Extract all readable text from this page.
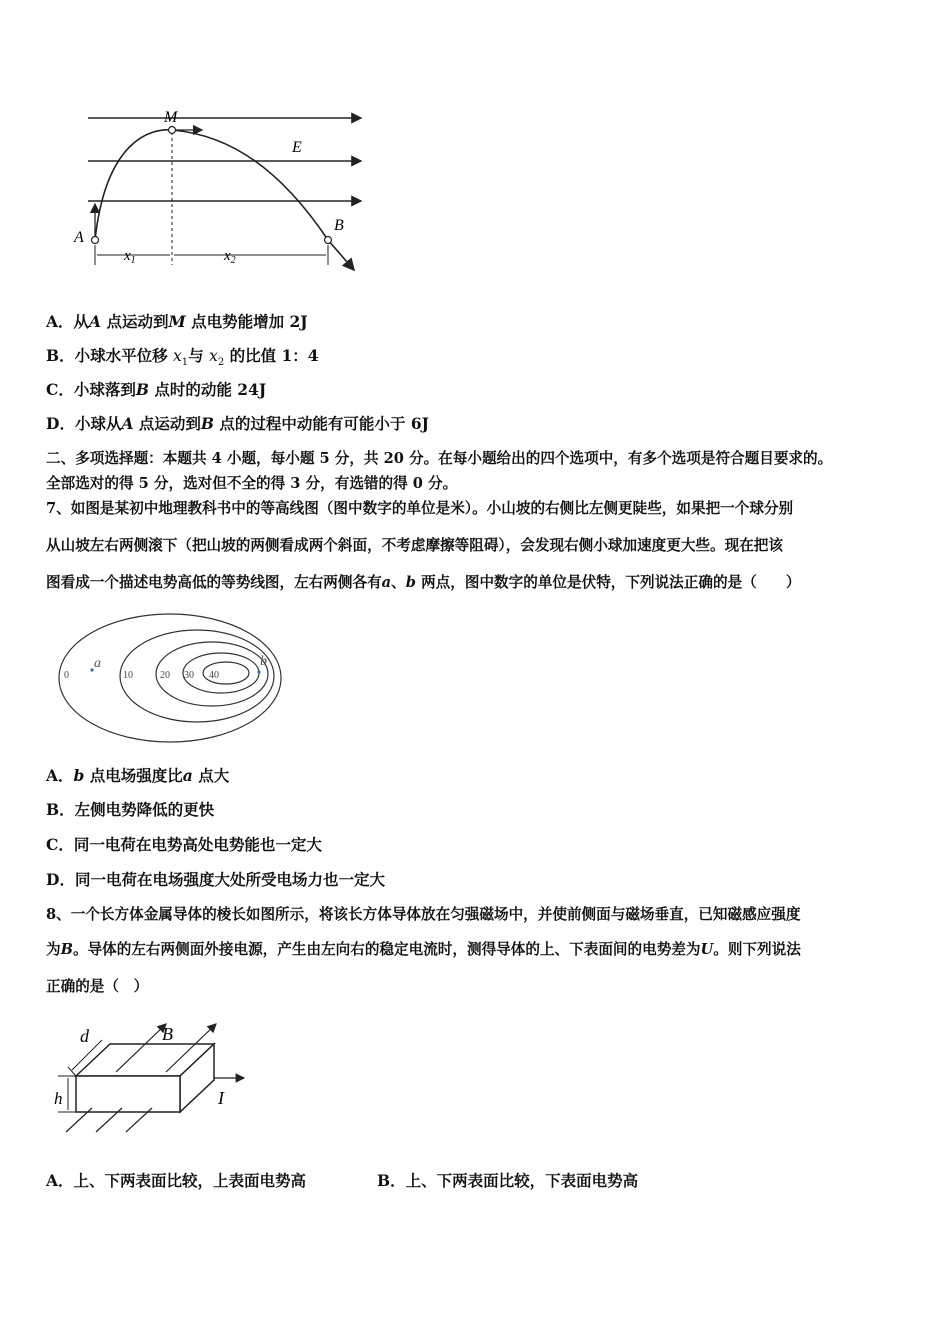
M
E
A
B
$x_1$	$x_2$
A．从A 点运动到M 点电势能增加 2J
B．小球水平位移 $x_1$与 $x_2$ 的比值 1：4
C．小球落到B 点时的动能 24J
D．小球从A 点运动到B 点的过程中动能有可能小于 6J
二、多项选择题：本题共 4 小题，每小题 5 分，共 20 分。在每小题给出的四个选项中，有多个选项是符合题目要求的。
全部选对的得 5 分，选对但不全的得 3 分，有选错的得 0 分。
7、如图是某初中地理教科书中的等高线图（图中数字的单位是米）。小山坡的右侧比左侧更陡些，如果把一个球分别
从山坡左右两侧滚下（把山坡的两侧看成两个斜面，不考虑摩擦等阻碍），会发现右侧小球加速度更大些。现在把该
图看成一个描述电势高低的等势线图，左右两侧各有a、b 两点，图中数字的单位是伏特，下列说法正确的是（　　）
a	b
0	10	20 30 40
A．b 点电场强度比a 点大
B．左侧电势降低的更快
C．同一电荷在电势高处电势能也一定大
D．同一电荷在电场强度大处所受电场力也一定大
8、一个长方体金属导体的棱长如图所示，将该长方体导体放在匀强磁场中，并使前侧面与磁场垂直，已知磁感应强度
为B。导体的左右两侧面外接电源，产生由左向右的稳定电流时，测得导体的上、下表面间的电势差为U。则下列说法
正确的是（　）
d
h
B
I
A．上、下两表面比较，上表面电势高	B．上、下两表面比较，下表面电势高
